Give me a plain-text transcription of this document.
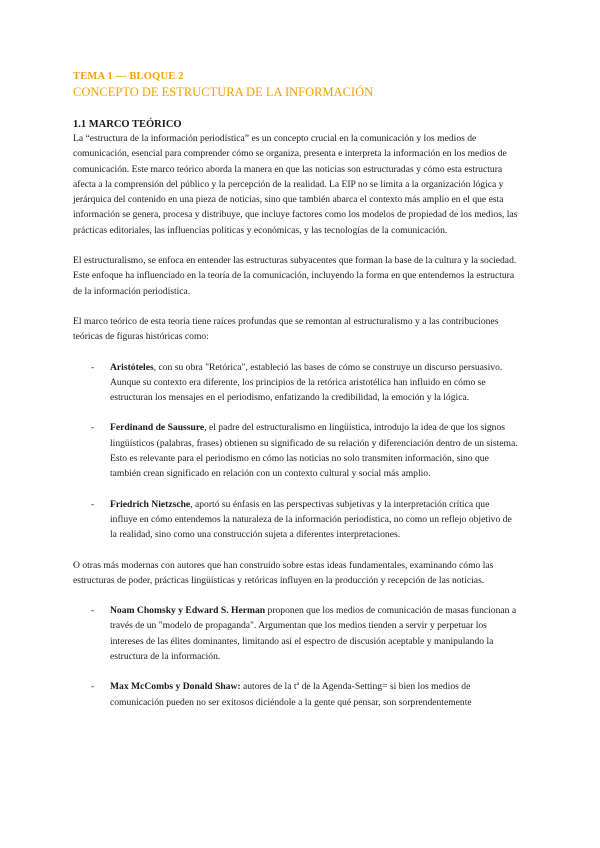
TEMA 1 — BLOQUE 2
CONCEPTO DE ESTRUCTURA DE LA INFORMACIÓN
1.1 MARCO TEÓRICO

La “estructura de la información periodística” es un concepto crucial en la comunicación y los medios de comunicación, esencial para comprender cómo se organiza, presenta e interpreta la información en los medios de comunicación. Este marco teórico aborda la manera en que las noticias son estructuradas y cómo esta estructura afecta a la comprensión del público y la percepción de la realidad. La EIP no se limita a la organización lógica y jerárquica del contenido en una pieza de noticias, sino que también abarca el contexto más amplio en el que esta información se genera, procesa y distribuye, que incluye factores como los modelos de propiedad de los medios, las prácticas editoriales, las influencias políticas y económicas, y las tecnologías de la comunicación.

El estructuralismo, se enfoca en entender las estructuras subyacentes que forman la base de la cultura y la sociedad. Este enfoque ha influenciado en la teoría de la comunicación, incluyendo la forma en que entendemos la estructura de la información periodística.

El marco teórico de esta teoría tiene raíces profundas que se remontan al estructuralismo y a las contribuciones teóricas de figuras históricas como:

- Aristóteles, con su obra "Retórica", estableció las bases de cómo se construye un discurso persuasivo. Aunque su contexto era diferente, los principios de la retórica aristotélica han influido en cómo se estructuran los mensajes en el periodismo, enfatizando la credibilidad, la emoción y la lógica.
- Ferdinand de Saussure, el padre del estructuralismo en lingüística, introdujo la idea de que los signos lingüísticos (palabras, frases) obtienen su significado de su relación y diferenciación dentro de un sistema. Esto es relevante para el periodismo en cómo las noticias no solo transmiten información, sino que también crean significado en relación con un contexto cultural y social más amplio.
- Friedrich Nietzsche, aportó su énfasis en las perspectivas subjetivas y la interpretación crítica que influye en cómo entendemos la naturaleza de la información periodística, no como un reflejo objetivo de la realidad, sino como una construcción sujeta a diferentes interpretaciones.

O otras más modernas con autores que han construido sobre estas ideas fundamentales, examinando cómo las estructuras de poder, prácticas lingüísticas y retóricas influyen en la producción y recepción de las noticias.

- Noam Chomsky y Edward S. Herman proponen que los medios de comunicación de masas funcionan a través de un "modelo de propaganda". Argumentan que los medios tienden a servir y perpetuar los intereses de las élites dominantes, limitando así el espectro de discusión aceptable y manipulando la estructura de la información.
- Max McCombs y Donald Shaw: autores de la tª de la Agenda-Setting= si bien los medios de comunicación pueden no ser exitosos diciéndole a la gente qué pensar, son sorprendentemente
